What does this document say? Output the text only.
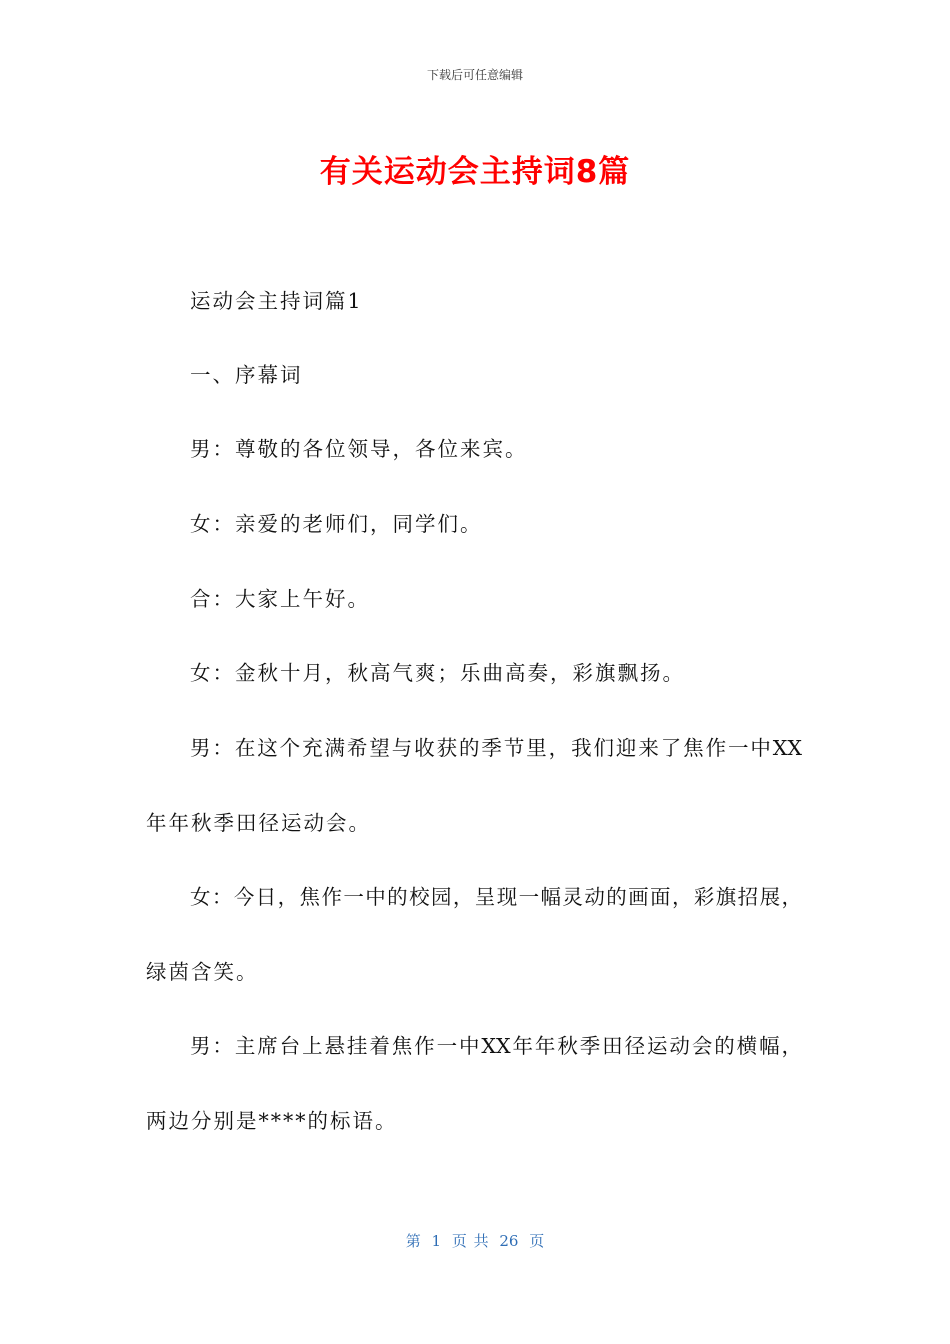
下载后可任意编辑
有关运动会主持词8篇
运动会主持词篇1
一、序幕词
男：尊敬的各位领导，各位来宾。
女：亲爱的老师们，同学们。
合：大家上午好。
女：金秋十月，秋高气爽；乐曲高奏，彩旗飘扬。
男：在这个充满希望与收获的季节里，我们迎来了焦作一中XX
年年秋季田径运动会。
女：今日，焦作一中的校园，呈现一幅灵动的画面，彩旗招展，
绿茵含笑。
男：主席台上悬挂着焦作一中XX年年秋季田径运动会的横幅，
两边分别是****的标语。
第 1 页 共 26 页
